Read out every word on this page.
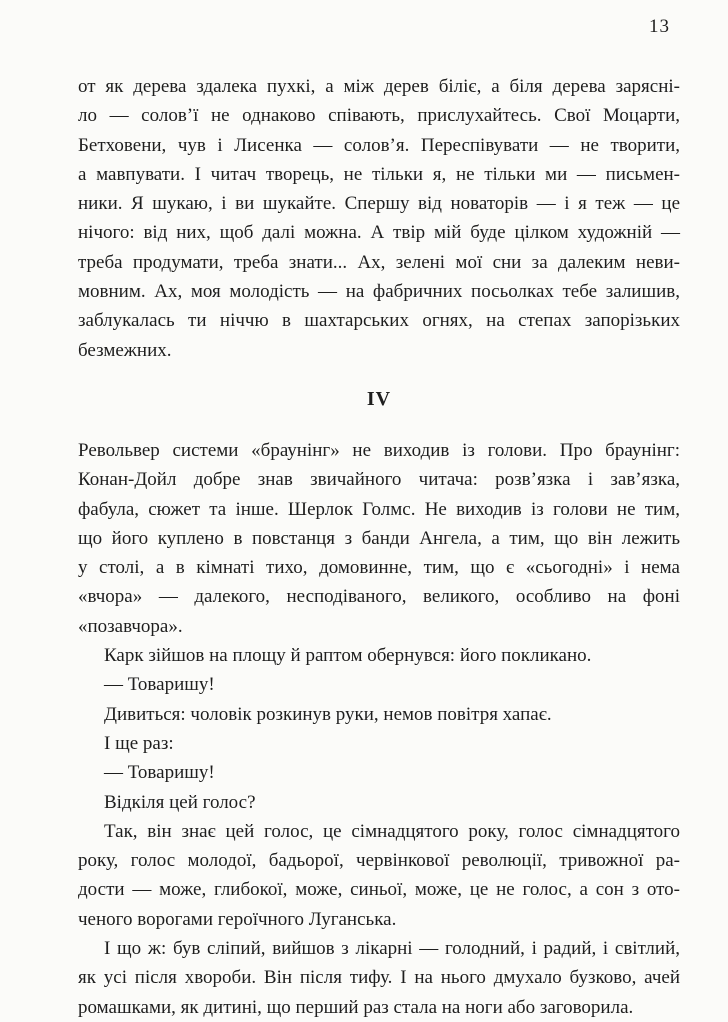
13
от як дерева здалека пухкі, а між дерев біліє, а біля дерева заряснi-
ло — солов’ї не однаково співають, прислухайтесь. Свої Моцарти,
Бетховени, чув і Лисенка — солов’я. Переспівувати — не творити,
а мавпувати. І читач творець, не тільки я, не тільки ми — письмен-
ники. Я шукаю, і ви шукайте. Спершу від новаторів — і я теж — це
нічого: від них, щоб далі можна. А твір мій буде цілком художній —
треба продумати, треба знати... Ах, зелені мої сни за далеким неви-
мовним. Ах, моя молодість — на фабричних посьолках тебе залишив,
заблукалась ти ніччю в шахтарських огнях, на степах запорізьких
безмежних.
IV
Револьвер системи «браунінг» не виходив із голови. Про браунінг:
Конан-Дойл добре знав звичайного читача: розв’язка і зав’язка,
фабула, сюжет та інше. Шерлок Голмс. Не виходив із голови не тим,
що його куплено в повстанця з банди Ангела, а тим, що він лежить
у столі, а в кімнаті тихо, домовинне, тим, що є «сьогодні» і нема
«вчора» — далекого, несподіваного, великого, особливо на фоні
«позавчора».
Карк зійшов на площу й раптом обернувся: його покликано.
— Товаришу!
Дивиться: чоловік розкинув руки, немов повітря хапає.
І ще раз:
— Товаришу!
Відкіля цей голос?
Так, він знає цей голос, це сімнадцятого року, голос сімнадцятого
року, голос молодої, бадьорої, червінкової революції, тривожної ра-
дости — може, глибокої, може, синьої, може, це не голос, а сон з ото-
ченого ворогами героїчного Луганська.
І що ж: був сліпий, вийшов з лікарні — голодний, і радий, і світлий,
як усі після хвороби. Він після тифу. І на нього дмухало бузково, ачей
ромашками, як дитині, що перший раз стала на ноги або заговорила.
